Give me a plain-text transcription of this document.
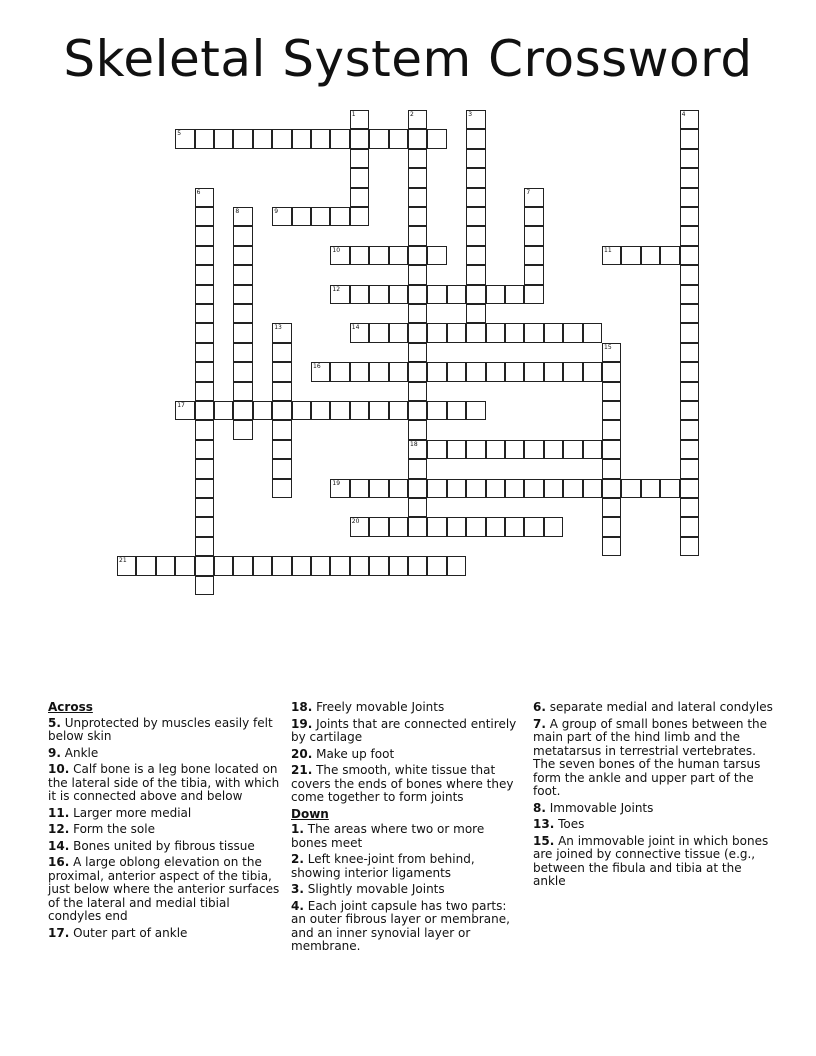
Skeletal System Crossword
1	2
18
3	4
5
6	7
8	9
10	11
12
13	14
15
16
17
19
20
21
Across
5. Unprotected by muscles easily felt below skin
9. Ankle
10. Calf bone is a leg bone located on the lateral side of the tibia, with which it is connected above and below
11. Larger more medial
12. Form the sole
14. Bones united by fibrous tissue
16. A large oblong elevation on the proximal, anterior aspect of the tibia, just below where the anterior surfaces of the lateral and medial tibial condyles end
17. Outer part of ankle
18. Freely movable Joints
19. Joints that are connected entirely by cartilage
20. Make up foot
21. The smooth, white tissue that covers the ends of bones where they come together to form joints
Down
1. The areas where two or more bones meet
2. Left knee-joint from behind, showing interior ligaments
3. Slightly movable Joints
4. Each joint capsule has two parts: an outer fibrous layer or membrane, and an inner synovial layer or membrane.
6. separate medial and lateral condyles
7. A group of small bones between the main part of the hind limb and the metatarsus in terrestrial vertebrates. The seven bones of the human tarsus form the ankle and upper part of the foot.
8. Immovable Joints
13. Toes
15. An immovable joint in which bones are joined by connective tissue (e.g., between the fibula and tibia at the ankle
